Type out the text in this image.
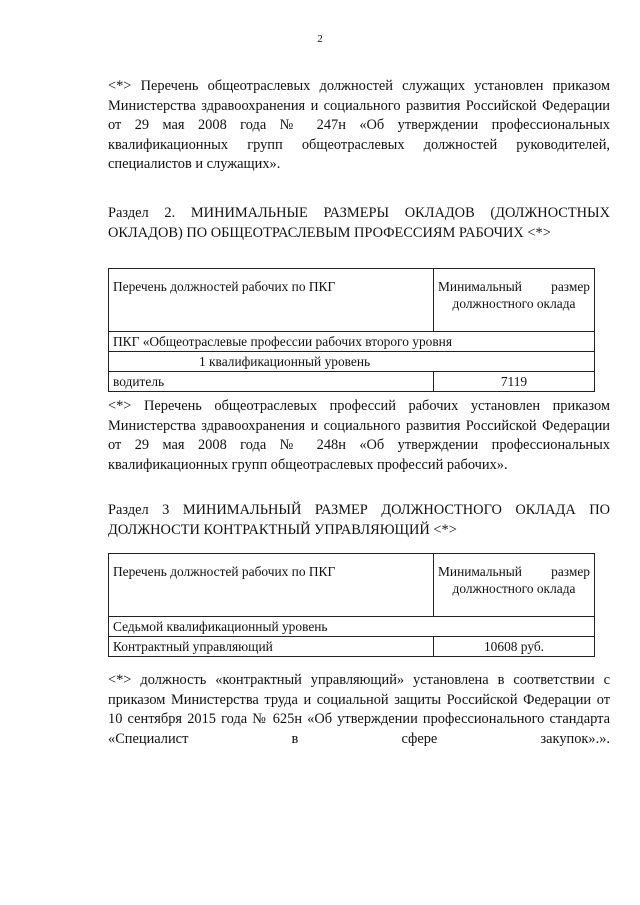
2

<*> Перечень общеотраслевых должностей служащих установлен приказом Министерства здравоохранения и социального развития Российской Федерации от 29 мая 2008 года № 247н «Об утверждении профессиональных квалификационных групп общеотраслевых должностей руководителей, специалистов и служащих».

Раздел 2. МИНИМАЛЬНЫЕ РАЗМЕРЫ ОКЛАДОВ (ДОЛЖНОСТНЫХ ОКЛАДОВ) ПО ОБЩЕОТРАСЛЕВЫМ ПРОФЕССИЯМ РАБОЧИХ <*>

Перечень должностей рабочих по ПКГ	Минимальный размер должностного оклада
ПКГ «Общеотраслевые профессии рабочих второго уровня	
1 квалификационный уровень	
водитель	7119

<*> Перечень общеотраслевых профессий рабочих установлен приказом Министерства здравоохранения и социального развития Российской Федерации от 29 мая 2008 года № 248н «Об утверждении профессиональных квалификационных групп общеотраслевых профессий рабочих».

Раздел 3 МИНИМАЛЬНЫЙ РАЗМЕР ДОЛЖНОСТНОГО ОКЛАДА ПО ДОЛЖНОСТИ КОНТРАКТНЫЙ УПРАВЛЯЮЩИЙ <*>

Перечень должностей рабочих по ПКГ	Минимальный размер должностного оклада
Седьмой квалификационный уровень	
Контрактный управляющий	10608 руб.

<*> должность «контрактный управляющий» установлена в соответствии с приказом Министерства труда и социальной защиты Российской Федерации от 10 сентября 2015 года № 625н «Об утверждении профессионального стандарта «Специалист в сфере закупок».».
